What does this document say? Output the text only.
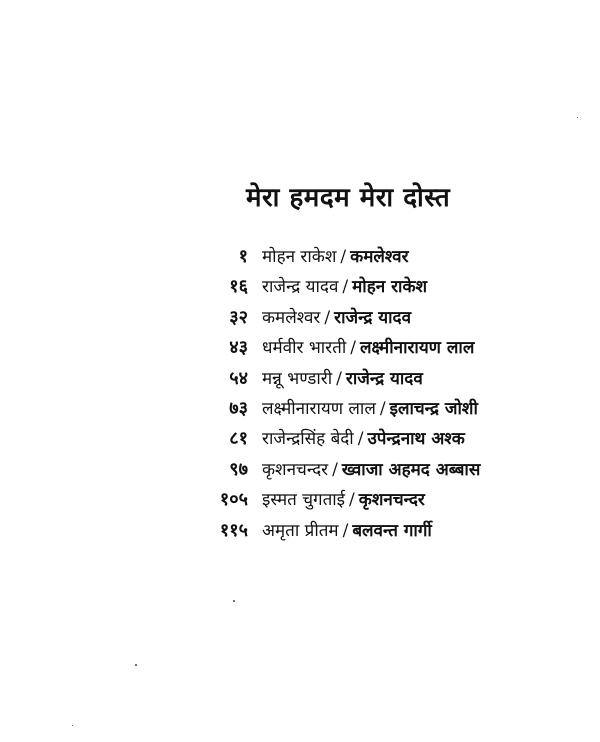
मेरा हमदम मेरा दोस्त
१ मोहन राकेश / कमलेश्वर
१६ राजेन्द्र यादव / मोहन राकेश
३२ कमलेश्वर / राजेन्द्र यादव
४३ धर्मवीर भारती / लक्ष्मीनारायण लाल
५४ मन्नू भण्डारी / राजेन्द्र यादव
७३ लक्ष्मीनारायण लाल / इलाचन्द्र जोशी
८१ राजेन्द्रसिंह बेदी / उपेन्द्रनाथ अश्क
९७ कृशनचन्दर / ख्वाजा अहमद अब्बास
१०५ इस्मत चुगताई / कृशनचन्दर
११५ अमृता प्रीतम / बलवन्त गार्गी
